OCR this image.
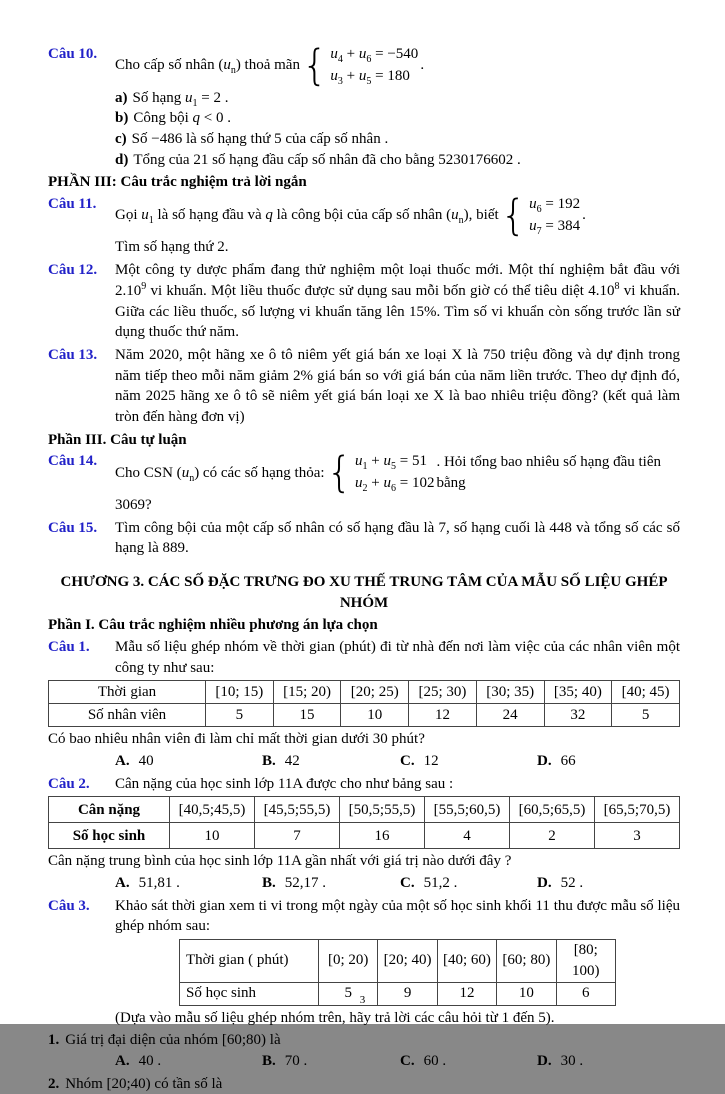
Câu 10.
Cho cấp số nhân $(u_n)$ thoả mãn { $u_4 + u_6 = -540$
$u_3 + u_5 = 180$
.
a) Số hạng $u_1 = 2$ .
b) Công bội q < 0 .
c) Số −486 là số hạng thứ 5 của cấp số nhân .
d) Tổng của 21 số hạng đầu cấp số nhân đã cho bằng 5230176602 .
PHẦN III: Câu trắc nghiệm trả lời ngắn
Câu 11.
Gọi $u_1$ là số hạng đầu và q là công bội của cấp số nhân $(u_n)$, biết { $u_6 = 192$
$u_7 = 384$
.
Tìm số hạng thứ 2.
Câu 12.	Một công ty dược phẩm đang thử nghiệm một loại thuốc mới. Một thí nghiệm bắt đầu với 2.10$^9$ vi khuẩn. Một liều thuốc được sử dụng sau mỗi bốn giờ có thể tiêu diệt 4.10$^8$ vi khuẩn. Giữa các liều thuốc, số lượng vi khuẩn tăng lên 15%. Tìm số vi khuẩn còn sống trước lần sử dụng thuốc thứ năm.
Câu 13.	Năm 2020, một hãng xe ô tô niêm yết giá bán xe loại X là 750 triệu đồng và dự định trong năm tiếp theo mỗi năm giảm 2% giá bán so với giá bán của năm liền trước. Theo dự định đó, năm 2025 hãng xe ô tô sẽ niêm yết giá bán loại xe X là bao nhiêu triệu đồng? (kết quả làm tròn đến hàng đơn vị)
Phần III. Câu tự luận
Câu 14.
Cho CSN $(u_n)$ có các số hạng thỏa: { $u_1 + u_5 = 51$
$u_2 + u_6 = 102$
. Hỏi tổng bao nhiêu số hạng đầu tiên bằng
3069?
Câu 15.	Tìm công bội của một cấp số nhân có số hạng đầu là 7, số hạng cuối là 448 và tổng số các số hạng là 889.
CHƯƠNG 3. CÁC SỐ ĐẶC TRƯNG ĐO XU THẾ TRUNG TÂM CỦA MẪU SỐ LIỆU GHÉP NHÓM
Phần I. Câu trắc nghiệm nhiều phương án lựa chọn
Câu 1.	Mẫu số liệu ghép nhóm về thời gian (phút) đi từ nhà đến nơi làm việc của các nhân viên một công ty như sau:
Thời gian	[10; 15)	[15; 20)	[20; 25)	[25; 30)	[30; 35)	[35; 40)	[40; 45)
Số nhân viên	5	15	10	12	24	32	5
Có bao nhiêu nhân viên đi làm chỉ mất thời gian dưới 30 phút?
A. 40	B. 42	C. 12	D. 66
Câu 2.	Cân nặng của học sinh lớp 11A được cho như bảng sau :
Cân nặng	[40,5;45,5)	[45,5;55,5)	[50,5;55,5)	[55,5;60,5)	[60,5;65,5)	[65,5;70,5)
Số học sinh	10	7	16	4	2	3
Cân nặng trung bình của học sinh lớp 11A gần nhất với giá trị nào dưới đây ?
A. 51,81 .	B. 52,17 .	C. 51,2 .	D. 52 .
Câu 3.	Khảo sát thời gian xem ti vi trong một ngày của một số học sinh khối 11 thu được mẫu số liệu ghép nhóm sau:
Thời gian ( phút)	[0; 20)	[20; 40)	[40; 60)	[60; 80)	[80; 100)
Số học sinh	5	9	12	10	6
(Dựa vào mẫu số liệu ghép nhóm trên, hãy trả lời các câu hỏi từ 1 đến 5).
1. Giá trị đại diện của nhóm [60;80) là
A. 40 .	B. 70 .	C. 60 .	D. 30 .
2. Nhóm [20;40) có tần số là
3
